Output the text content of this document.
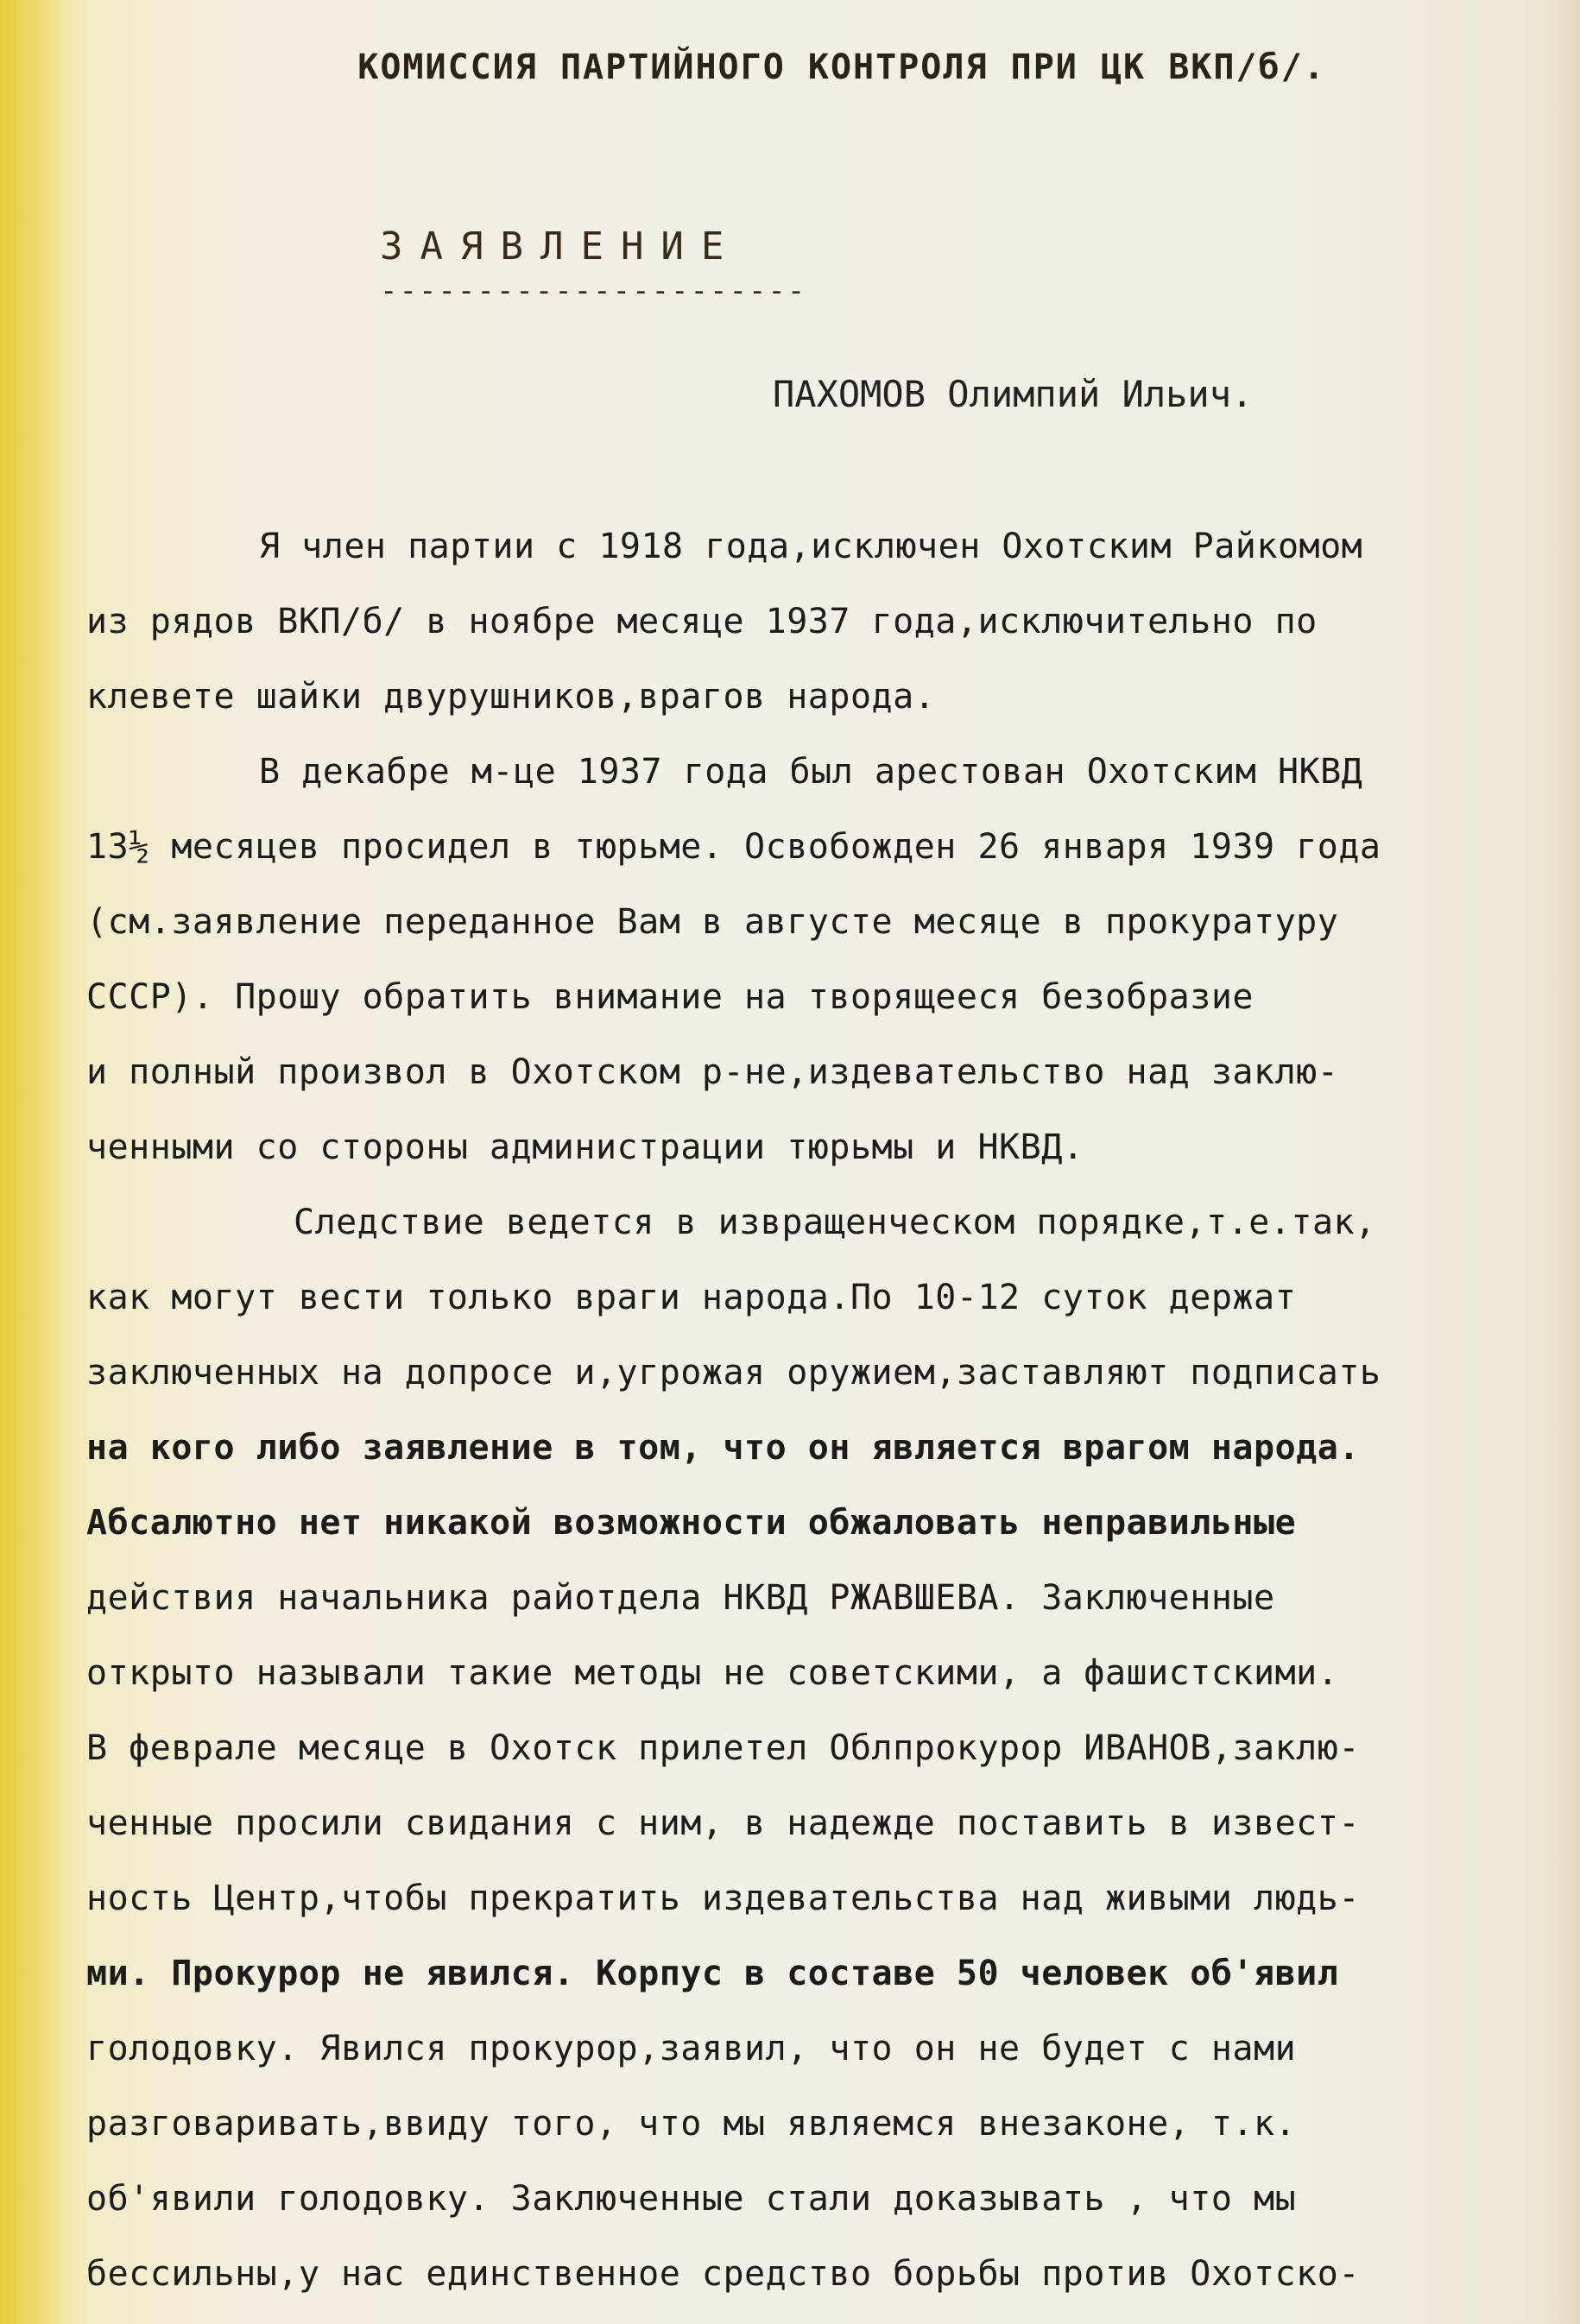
КОМИССИЯ ПАРТИЙНОГО КОНТРОЛЯ ПРИ ЦК ВКП/б/.
ЗАЯВЛЕНИЕ
----------------------
ПАХОМОВ Олимпий Ильич.
Я член партии с 1918 года,исключен Охотским Райкомом
из рядов ВКП/б/ в ноябре месяце 1937 года,исключительно по
клевете шайки двурушников,врагов народа.
В декабре м-це 1937 года был арестован Охотским НКВД
13½ месяцев просидел в тюрьме. Освобожден 26 января 1939 года
(см.заявление переданное Вам в августе месяце в прокуратуру
СССР). Прошу обратить внимание на творящееся безобразие
и полный произвол в Охотском р-не,издевательство над заклю-
ченными со стороны администрации тюрьмы и НКВД.
Следствие ведется в извращенческом порядке,т.е.так,
как могут вести только враги народа.По 10-12 суток держат
заключенных на допросе и,угрожая оружием,заставляют подписать
на кого либо заявление в том, что он является врагом народа.
Абсалютно нет никакой возможности обжаловать неправильные
действия начальника райотдела НКВД РЖАВШЕВА. Заключенные
открыто называли такие методы не советскими, а фашистскими.
В феврале месяце в Охотск прилетел Облпрокурор ИВАНОВ,заклю-
ченные просили свидания с ним, в надежде поставить в извест-
ность Центр,чтобы прекратить издевательства над живыми людь-
ми. Прокурор не явился. Корпус в составе 50 человек об'явил
голодовку. Явился прокурор,заявил, что он не будет с нами
разговаривать,ввиду того, что мы являемся внезаконе, т.к.
об'явили голодовку. Заключенные стали доказывать , что мы
бессильны,у нас единственное средство борьбы против Охотско-
